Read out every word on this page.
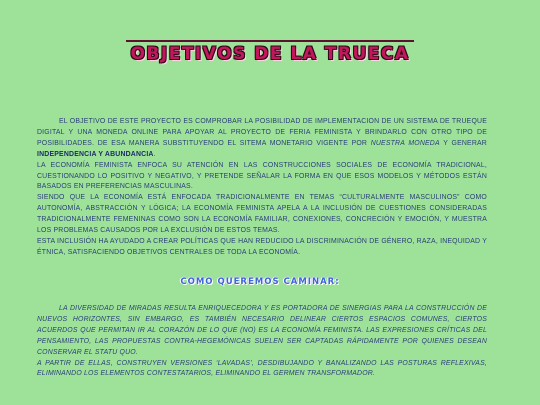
OBJETIVOS DE LA TRUECA

EL OBJETIVO DE ESTE PROYECTO ES COMPROBAR LA POSIBILIDAD DE IMPLEMENTACION DE UN SISTEMA DE TRUEQUE DIGITAL Y UNA MONEDA ONLINE PARA APOYAR AL PROYECTO DE FERIA FEMINISTA Y BRINDARLO CON OTRO TIPO DE POSIBILIDADES. DE ESA MANERA SUBSTITUYENDO EL SITEMA MONETARIO VIGENTE POR NUESTRA MONEDA Y GENERAR INDEPENDENCIA Y ABUNDANCIA.

LA ECONOMÍA FEMINISTA ENFOCA SU ATENCIÓN EN LAS CONSTRUCCIONES SOCIALES DE ECONOMÍA TRADICIONAL, CUESTIONANDO LO POSITIVO Y NEGATIVO, Y PRETENDE SEÑALAR LA FORMA EN QUE ESOS MODELOS Y MÉTODOS ESTÁN BASADOS EN PREFERENCIAS MASCULINAS.

SIENDO QUE LA ECONOMÍA ESTÁ ENFOCADA TRADICIONALMENTE EN TEMAS “CULTURALMENTE MASCULINOS” COMO AUTONOMÍA, ABSTRACCIÓN Y LÓGICA; LA ECONOMÍA FEMINISTA APELA A LA INCLUSIÓN DE CUESTIONES CONSIDERADAS TRADICIONALMENTE FEMENINAS COMO SON LA ECONOMÍA FAMILIAR, CONEXIONES, CONCRECIÓN Y EMOCIÓN, Y MUESTRA LOS PROBLEMAS CAUSADOS POR LA EXCLUSIÓN DE ESTOS TEMAS.

ESTA INCLUSIÓN HA AYUDADO A CREAR POLÍTICAS QUE HAN REDUCIDO LA DISCRIMINACIÓN DE GÉNERO, RAZA, INEQUIDAD Y ÉTNICA, SATISFACIENDO OBJETIVOS CENTRALES DE TODA LA ECONOMÍA.

COMO QUEREMOS CAMINAR:

LA DIVERSIDAD DE MIRADAS RESULTA ENRIQUECEDORA Y ES PORTADORA DE SINERGIAS PARA LA CONSTRUCCIÓN DE NUEVOS HORIZONTES, SIN EMBARGO, ES TAMBIÉN NECESARIO DELINEAR CIERTOS ESPACIOS COMUNES, CIERTOS ACUERDOS QUE PERMITAN IR AL CORAZÓN DE LO QUE (NO) ES LA ECONOMÍA FEMINISTA. LAS EXPRESIONES CRÍTICAS DEL PENSAMIENTO, LAS PROPUESTAS CONTRA-HEGEMÓNICAS SUELEN SER CAPTADAS RÁPIDAMENTE POR QUIENES DESEAN CONSERVAR EL STATU QUO.

A PARTIR DE ELLAS, CONSTRUYEN VERSIONES ‘LAVADAS’, DESDIBUJANDO Y BANALIZANDO LAS POSTURAS REFLEXIVAS, ELIMINANDO LOS ELEMENTOS CONTESTATARIOS, ELIMINANDO EL GERMEN TRANSFORMADOR.
